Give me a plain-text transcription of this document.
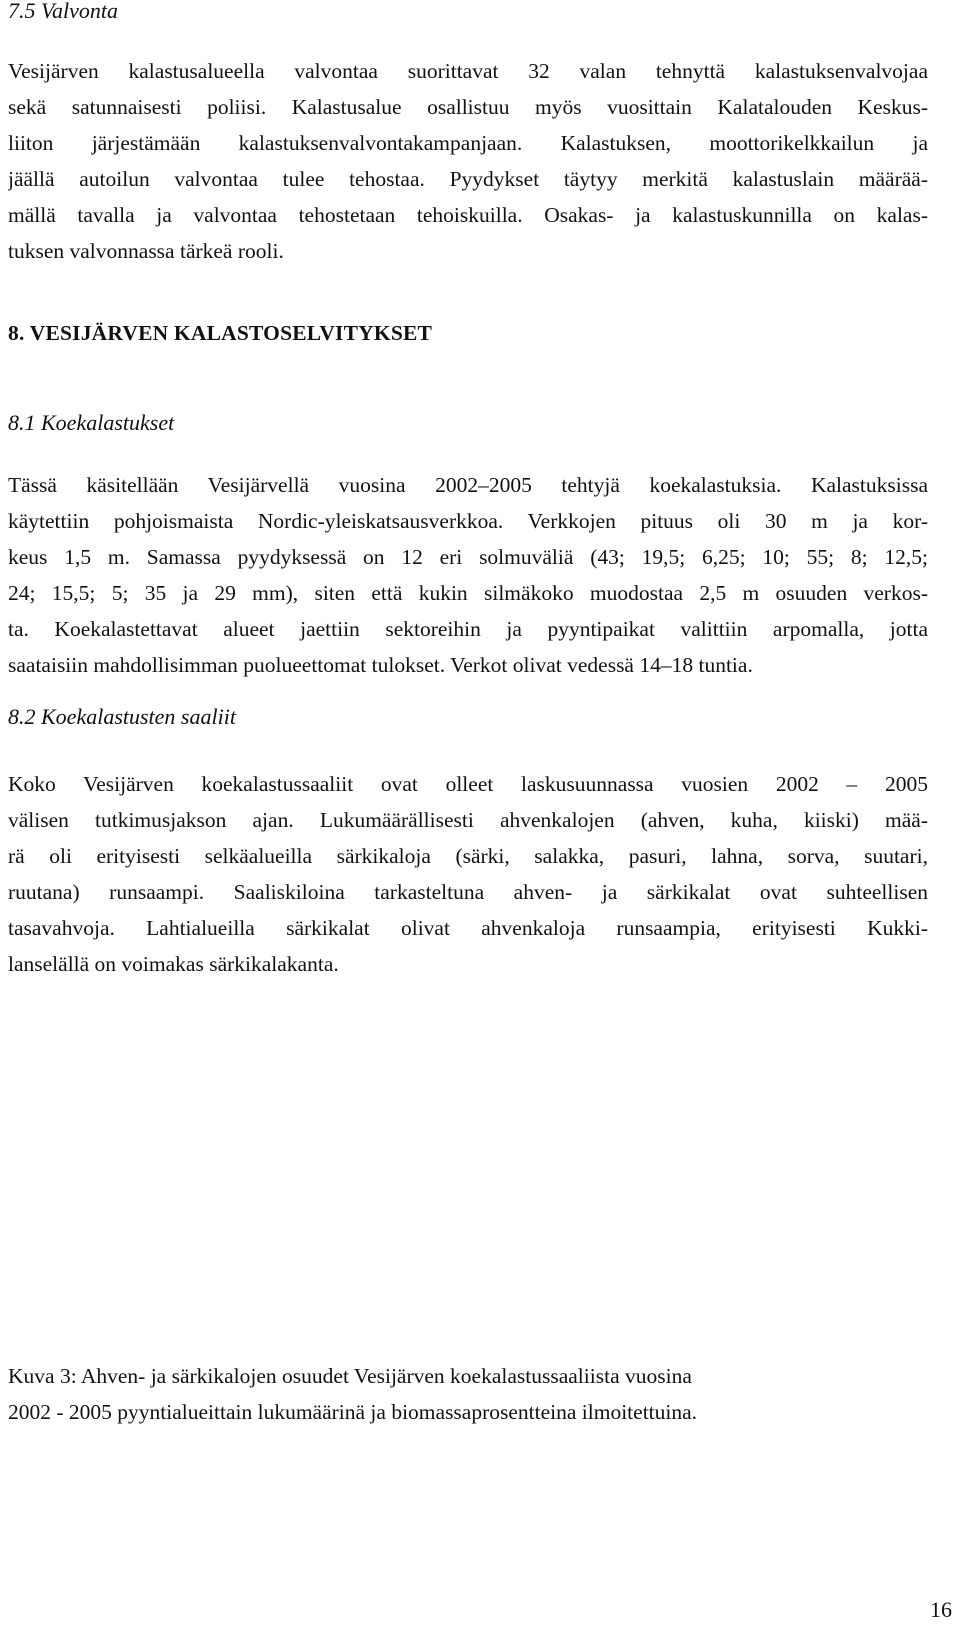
7.5 Valvonta
Vesijärven kalastusalueella valvontaa suorittavat 32 valan tehnyttä kalastuksenvalvojaa
sekä satunnaisesti poliisi. Kalastusalue osallistuu myös vuosittain Kalatalouden Keskus-
liiton järjestämään kalastuksenvalvontakampanjaan. Kalastuksen, moottorikelkkailun ja
jäällä autoilun valvontaa tulee tehostaa. Pyydykset täytyy merkitä kalastuslain määrää-
mällä tavalla ja valvontaa tehostetaan tehoiskuilla. Osakas- ja kalastuskunnilla on kalas-
tuksen valvonnassa tärkeä rooli.
8. VESIJÄRVEN KALASTOSELVITYKSET
8.1 Koekalastukset
Tässä käsitellään Vesijärvellä vuosina 2002–2005 tehtyjä koekalastuksia. Kalastuksissa
käytettiin pohjoismaista Nordic-yleiskatsausverkkoa. Verkkojen pituus oli 30 m ja kor-
keus 1,5 m. Samassa pyydyksessä on 12 eri solmuväliä (43; 19,5; 6,25; 10; 55; 8; 12,5;
24; 15,5; 5; 35 ja 29 mm), siten että kukin silmäkoko muodostaa 2,5 m osuuden verkos-
ta. Koekalastettavat alueet jaettiin sektoreihin ja pyyntipaikat valittiin arpomalla, jotta
saataisiin mahdollisimman puolueettomat tulokset. Verkot olivat vedessä 14–18 tuntia.
8.2 Koekalastusten saaliit
Koko Vesijärven koekalastussaaliit ovat olleet laskusuunnassa vuosien 2002 – 2005
välisen tutkimusjakson ajan. Lukumäärällisesti ahvenkalojen (ahven, kuha, kiiski) mää-
rä oli erityisesti selkäalueilla särkikaloja (särki, salakka, pasuri, lahna, sorva, suutari,
ruutana) runsaampi. Saaliskiloina tarkasteltuna ahven- ja särkikalat ovat suhteellisen
tasavahvoja. Lahtialueilla särkikalat olivat ahvenkaloja runsaampia, erityisesti Kukki-
lanselällä on voimakas särkikalakanta.
Kuva 3: Ahven- ja särkikalojen osuudet Vesijärven koekalastussaaliista vuosina
2002 - 2005 pyyntialueittain lukumäärinä ja biomassaprosentteina ilmoitettuina.
16
